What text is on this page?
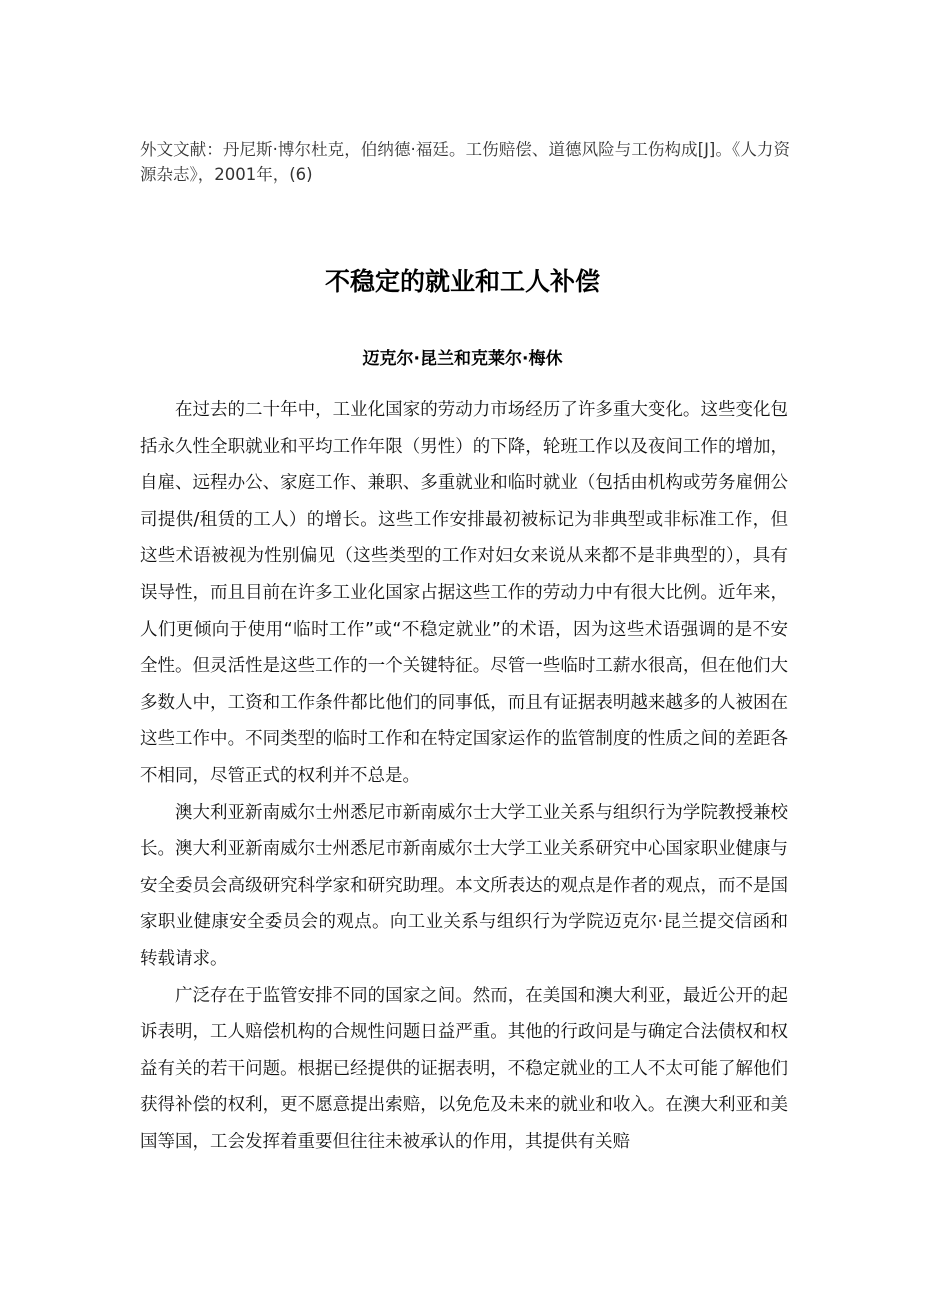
外文文献：丹尼斯·博尔杜克，伯纳德·福廷。工伤赔偿、道德风险与工伤构成[J]。《人力资源杂志》，2001年，(6)

不稳定的就业和工人补偿

迈克尔·昆兰和克莱尔·梅休

在过去的二十年中，工业化国家的劳动力市场经历了许多重大变化。这些变化包括永久性全职就业和平均工作年限（男性）的下降，轮班工作以及夜间工作的增加，自雇、远程办公、家庭工作、兼职、多重就业和临时就业（包括由机构或劳务雇佣公司提供/租赁的工人）的增长。这些工作安排最初被标记为非典型或非标准工作，但这些术语被视为性别偏见（这些类型的工作对妇女来说从来都不是非典型的），具有误导性，而且目前在许多工业化国家占据这些工作的劳动力中有很大比例。近年来，人们更倾向于使用“临时工作”或“不稳定就业”的术语，因为这些术语强调的是不安全性。但灵活性是这些工作的一个关键特征。尽管一些临时工薪水很高，但在他们大多数人中，工资和工作条件都比他们的同事低，而且有证据表明越来越多的人被困在这些工作中。不同类型的临时工作和在特定国家运作的监管制度的性质之间的差距各不相同，尽管正式的权利并不总是。

澳大利亚新南威尔士州悉尼市新南威尔士大学工业关系与组织行为学院教授兼校长。澳大利亚新南威尔士州悉尼市新南威尔士大学工业关系研究中心国家职业健康与安全委员会高级研究科学家和研究助理。本文所表达的观点是作者的观点，而不是国家职业健康安全委员会的观点。向工业关系与组织行为学院迈克尔·昆兰提交信函和转载请求。

广泛存在于监管安排不同的国家之间。然而，在美国和澳大利亚，最近公开的起诉表明，工人赔偿机构的合规性问题日益严重。其他的行政问是与确定合法债权和权益有关的若干问题。根据已经提供的证据表明，不稳定就业的工人不太可能了解他们获得补偿的权利，更不愿意提出索赔，以免危及未来的就业和收入。在澳大利亚和美国等国，工会发挥着重要但往往未被承认的作用，其提供有关赔
